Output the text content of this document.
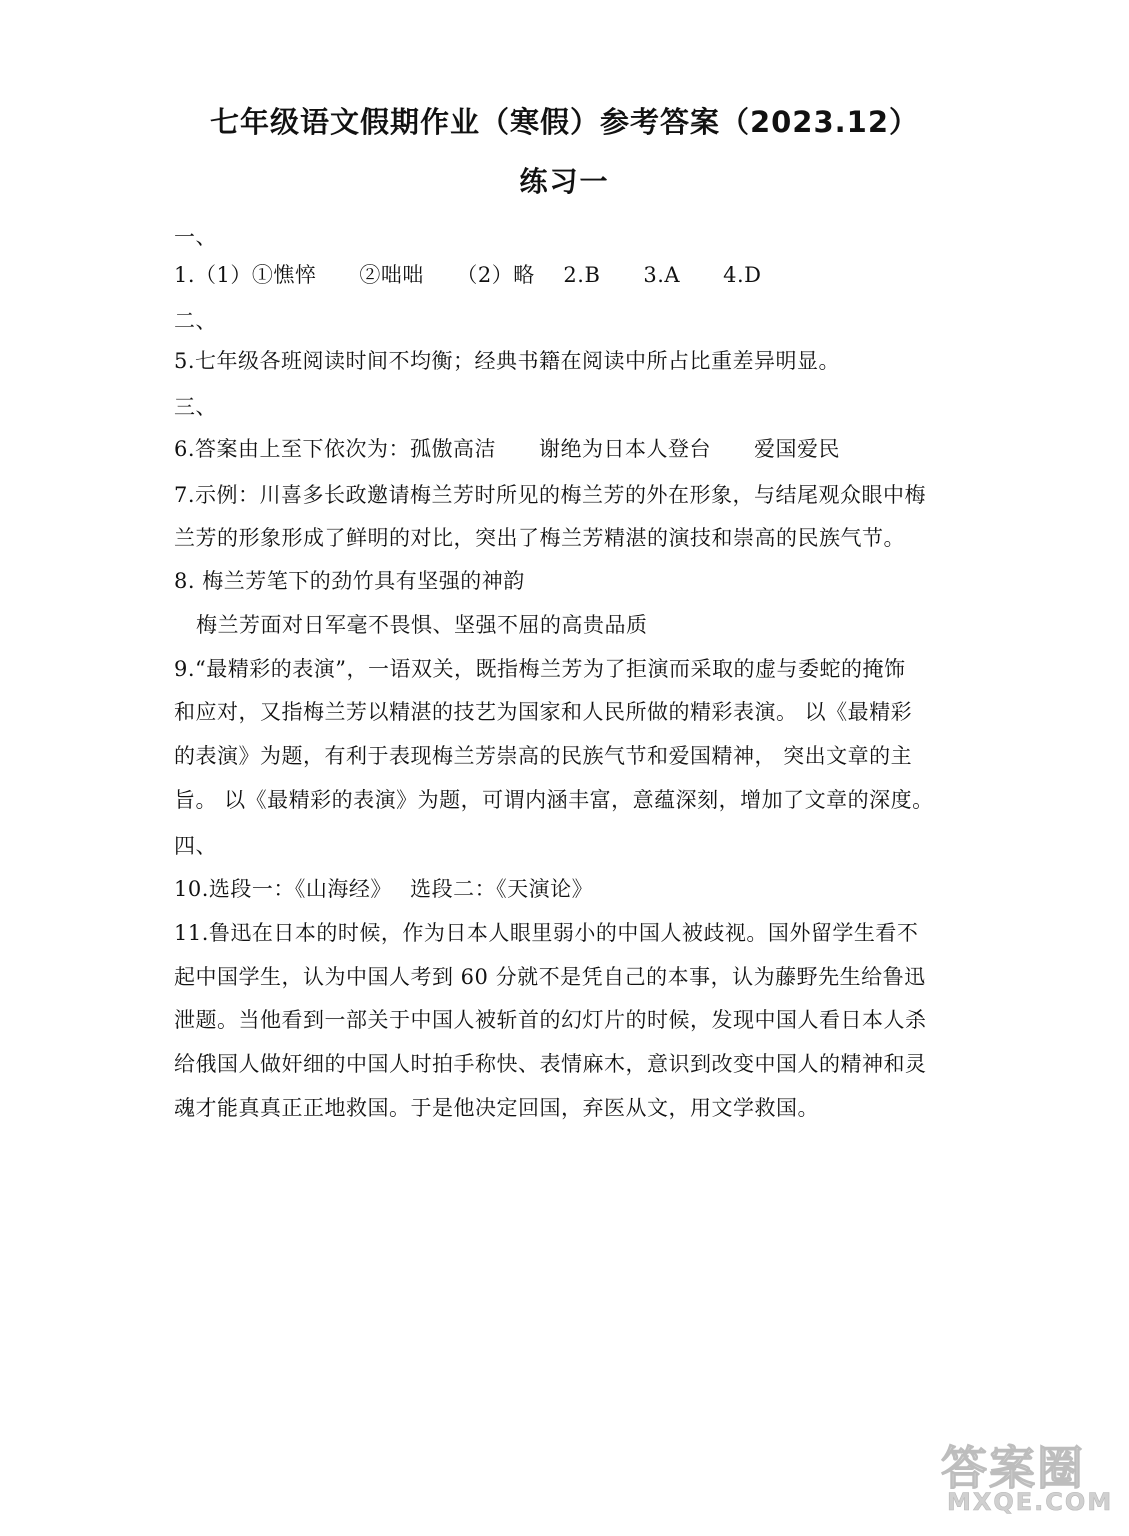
七年级语文假期作业（寒假）参考答案（2023.12）
练习一
一、
1.（1）①憔悴　　②咄咄　　（2）略　 2.B　　3.A　　4.D
二、
5.七年级各班阅读时间不均衡；经典书籍在阅读中所占比重差异明显。
三、
6.答案由上至下依次为：孤傲高洁　　谢绝为日本人登台　　爱国爱民
7.示例：川喜多长政邀请梅兰芳时所见的梅兰芳的外在形象，与结尾观众眼中梅
兰芳的形象形成了鲜明的对比，突出了梅兰芳精湛的演技和崇高的民族气节。
8. 梅兰芳笔下的劲竹具有坚强的神韵
梅兰芳面对日军毫不畏惧、坚强不屈的高贵品质
9.“最精彩的表演”，一语双关，既指梅兰芳为了拒演而采取的虚与委蛇的掩饰
和应对，又指梅兰芳以精湛的技艺为国家和人民所做的精彩表演。 以《最精彩
的表演》为题，有利于表现梅兰芳崇高的民族气节和爱国精神， 突出文章的主
旨。 以《最精彩的表演》为题，可谓内涵丰富，意蕴深刻，增加了文章的深度。
四、
10.选段一：《山海经》　 选段二：《天演论》
11.鲁迅在日本的时候，作为日本人眼里弱小的中国人被歧视。国外留学生看不
起中国学生，认为中国人考到 60 分就不是凭自己的本事，认为藤野先生给鲁迅
泄题。当他看到一部关于中国人被斩首的幻灯片的时候，发现中国人看日本人杀
给俄国人做奸细的中国人时拍手称快、表情麻木，意识到改变中国人的精神和灵
魂才能真真正正地救国。于是他决定回国，弃医从文，用文学救国。
答案圈
MXQE.COM
